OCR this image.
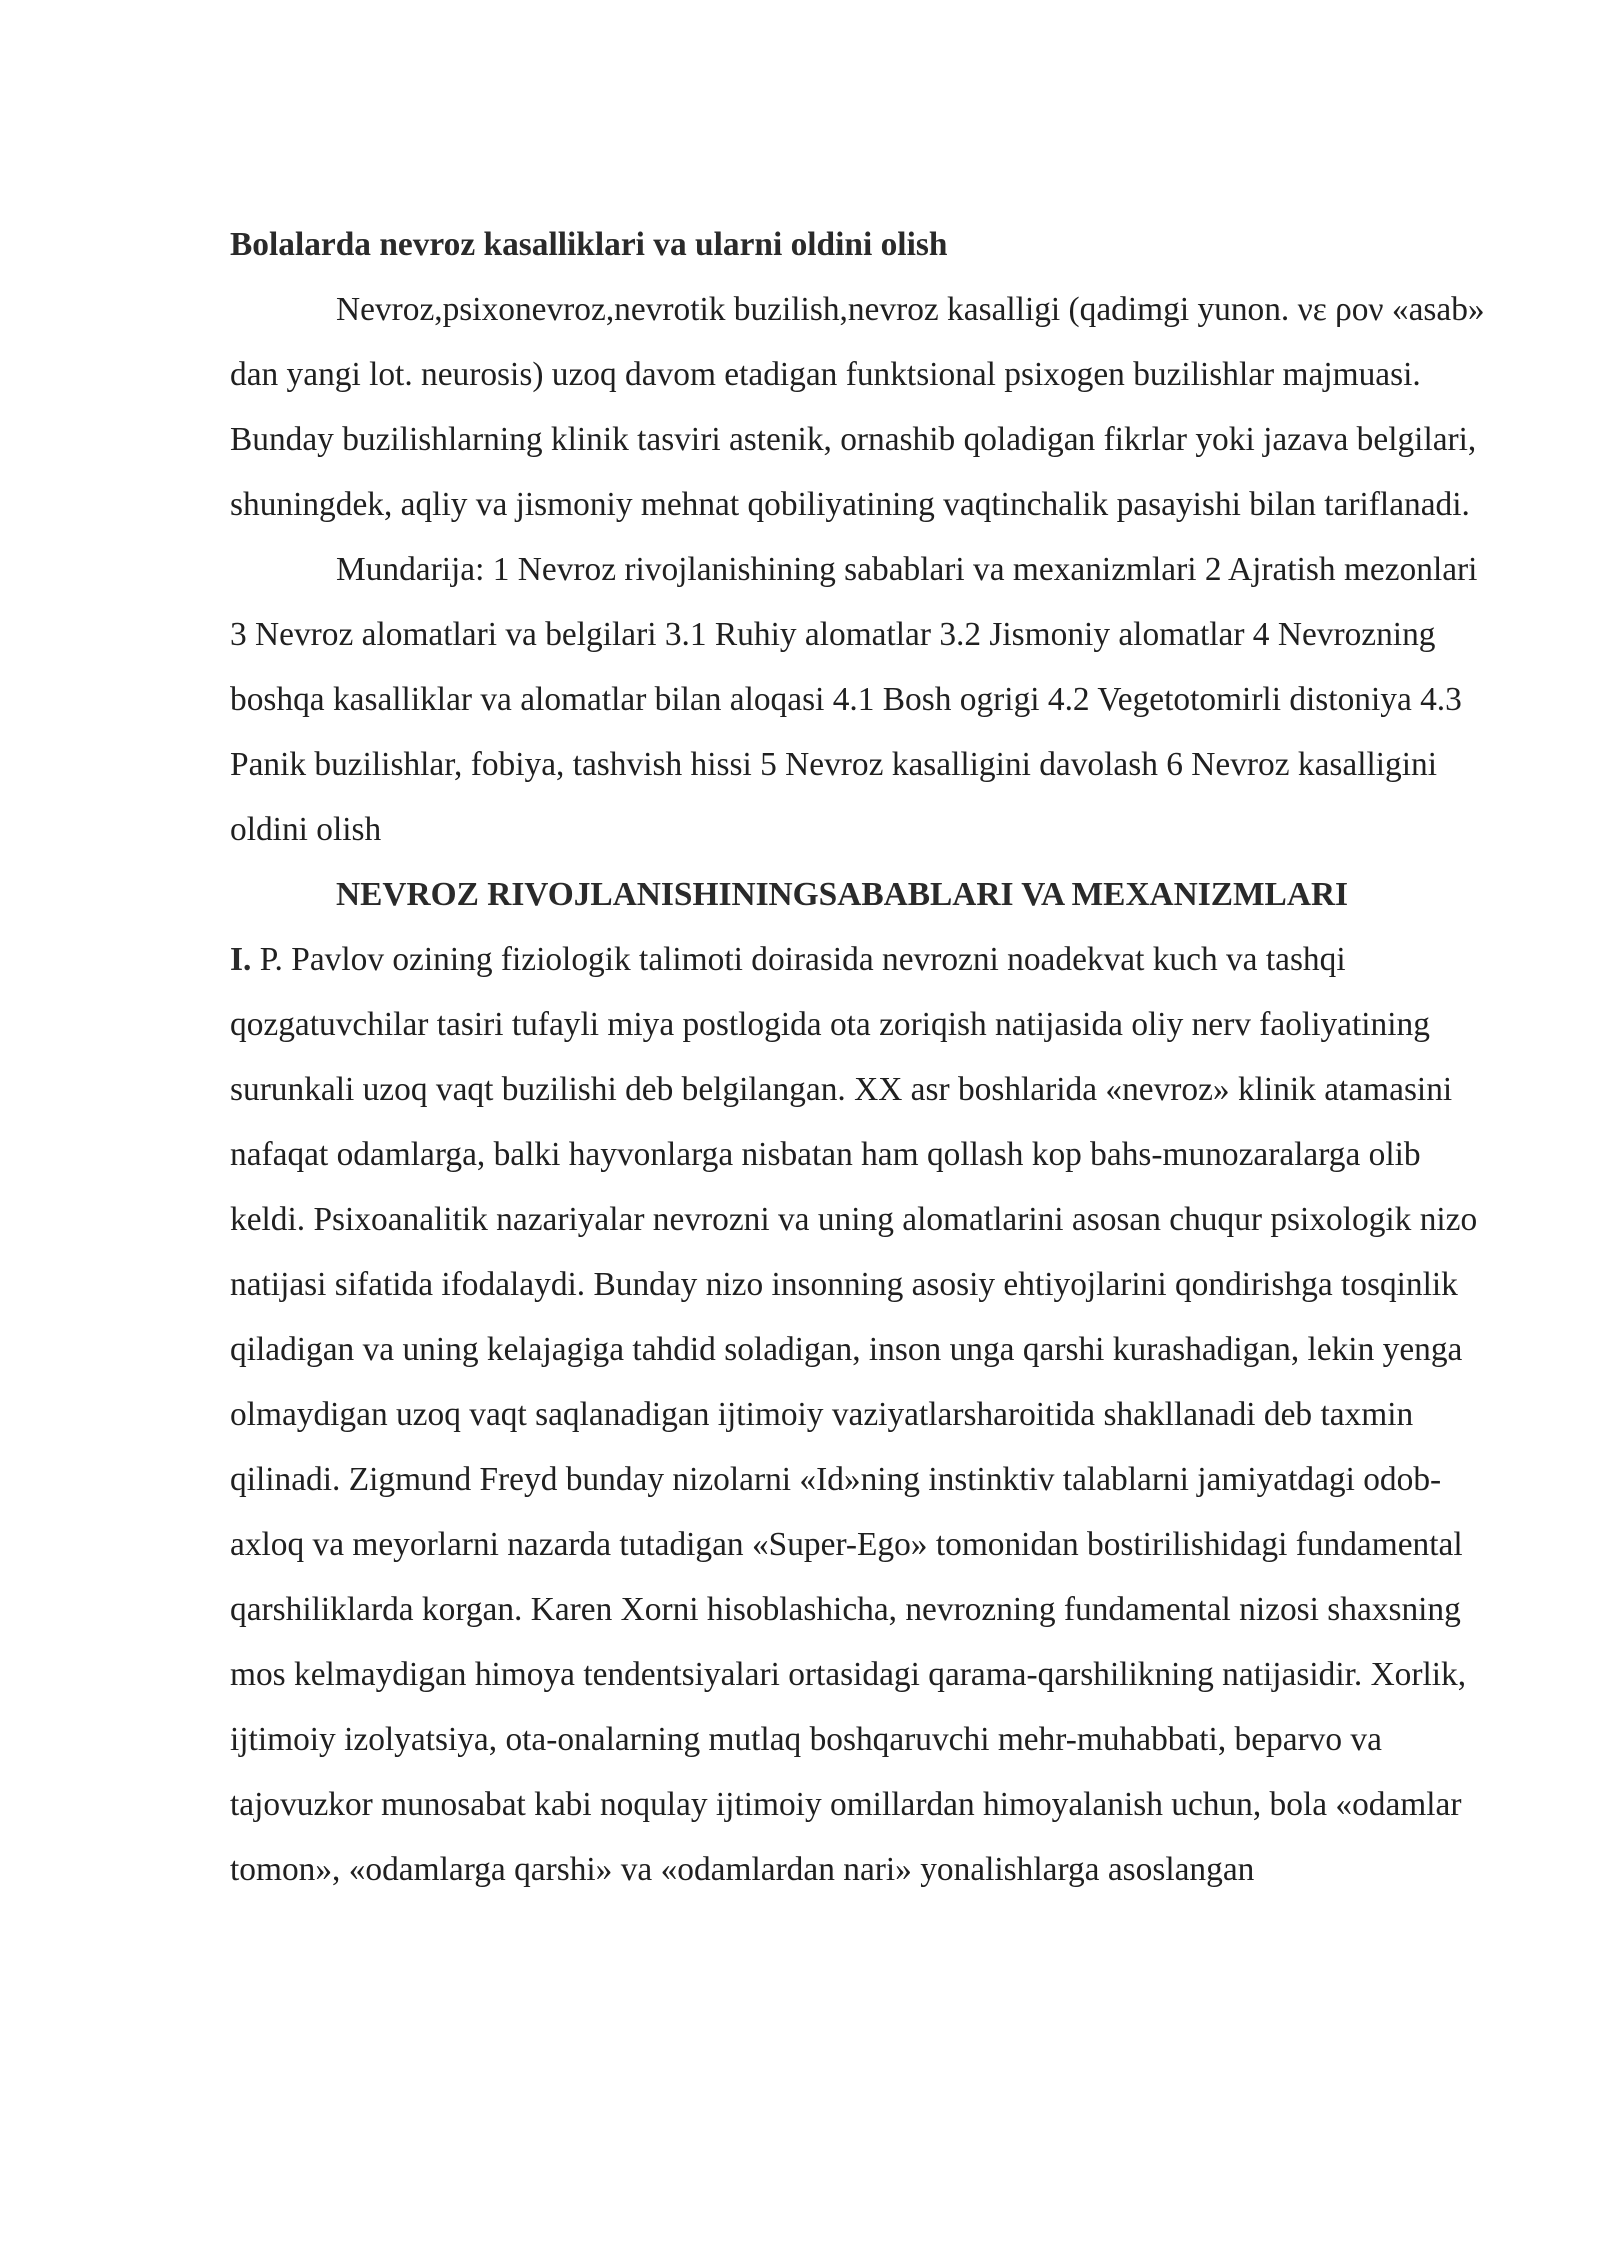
Bolalarda nevroz kasalliklari va ularni oldini olish

Nevroz,psixonevroz,nevrotik buzilish,nevroz kasalligi (qadimgi yunon. νε ρον «asab» dan yangi lot. neurosis) uzoq davom etadigan funktsional psixogen buzilishlar majmuasi. Bunday buzilishlarning klinik tasviri astenik, ornashib qoladigan fikrlar yoki jazava belgilari, shuningdek, aqliy va jismoniy mehnat qobiliyatining vaqtinchalik pasayishi bilan tariflanadi.

Mundarija: 1 Nevroz rivojlanishining sabablari va mexanizmlari 2 Ajratish mezonlari 3 Nevroz alomatlari va belgilari 3.1 Ruhiy alomatlar 3.2 Jismoniy alomatlar 4 Nevrozning boshqa kasalliklar va alomatlar bilan aloqasi 4.1 Bosh ogrigi 4.2 Vegetotomirli distoniya 4.3 Panik buzilishlar, fobiya, tashvish hissi 5 Nevroz kasalligini davolash 6 Nevroz kasalligini oldini olish

NEVROZ RIVOJLANISHININGSABABLARI VA MEXANIZMLARI

I. P. Pavlov ozining fiziologik talimoti doirasida nevrozni noadekvat kuch va tashqi qozgatuvchilar tasiri tufayli miya postlogida ota zoriqish natijasida oliy nerv faoliyatining surunkali uzoq vaqt buzilishi deb belgilangan. XX asr boshlarida «nevroz» klinik atamasini nafaqat odamlarga, balki hayvonlarga nisbatan ham qollash kop bahs-munozaralarga olib keldi. Psixoanalitik nazariyalar nevrozni va uning alomatlarini asosan chuqur psixologik nizo natijasi sifatida ifodalaydi. Bunday nizo insonning asosiy ehtiyojlarini qondirishga tosqinlik qiladigan va uning kelajagiga tahdid soladigan, inson unga qarshi kurashadigan, lekin yenga olmaydigan uzoq vaqt saqlanadigan ijtimoiy vaziyatlarsharoitida shakllanadi deb taxmin qilinadi. Zigmund Freyd bunday nizolarni «Id»ning instinktiv talablarni jamiyatdagi odob-axloq va meyorlarni nazarda tutadigan «Super-Ego» tomonidan bostirilishidagi fundamental qarshiliklarda korgan. Karen Xorni hisoblashicha, nevrozning fundamental nizosi shaxsning mos kelmaydigan himoya tendentsiyalari ortasidagi qarama-qarshilikning natijasidir. Xorlik, ijtimoiy izolyatsiya, ota-onalarning mutlaq boshqaruvchi mehr-muhabbati, beparvo va tajovuzkor munosabat kabi noqulay ijtimoiy omillardan himoyalanish uchun, bola «odamlar tomon», «odamlarga qarshi» va «odamlardan nari» yonalishlarga asoslangan
